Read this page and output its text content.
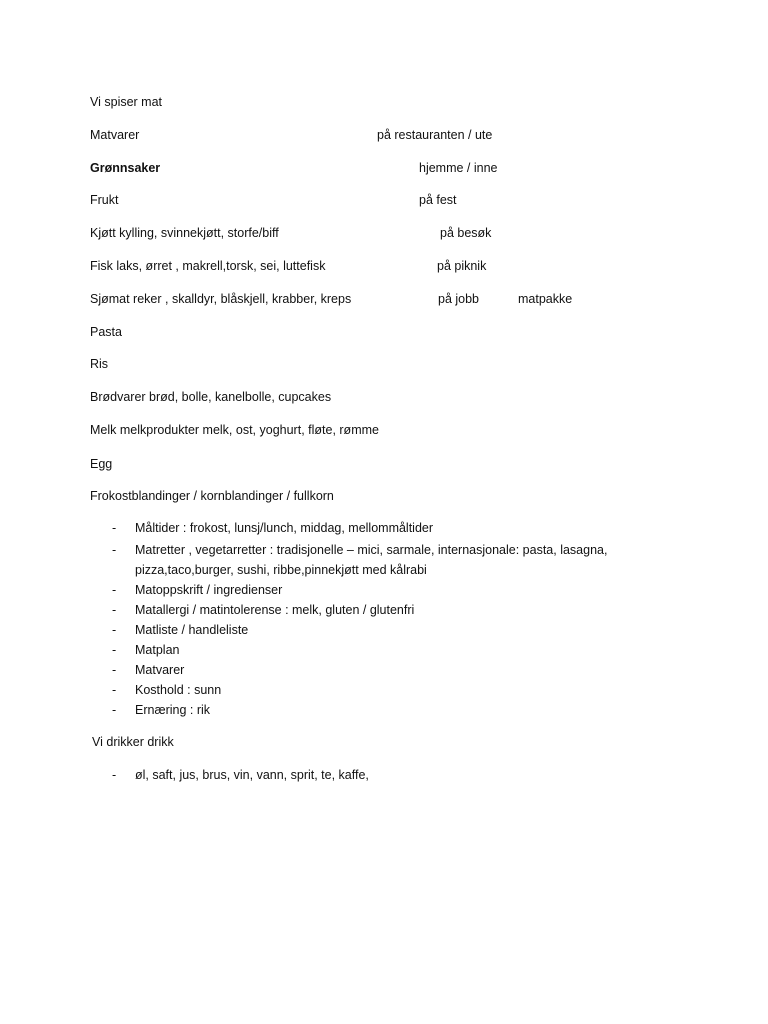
Vi spiser mat
Matvarer	på restauranten / ute
Grønnsaker	hjemme / inne
Frukt	på fest
Kjøtt kylling, svinnekjøtt, storfe/biff	på besøk
Fisk laks, ørret , makrell,torsk, sei, luttefisk	på piknik
Sjømat reker , skalldyr, blåskjell, krabber, kreps	på jobb	matpakke
Pasta
Ris
Brødvarer brød, bolle, kanelbolle, cupcakes
Melk melkprodukter melk, ost, yoghurt, fløte, rømme
Egg
Frokostblandinger / kornblandinger / fullkorn
- Måltider : frokost, lunsj/lunch, middag, mellommåltider
- Matretter , vegetarretter : tradisjonelle – mici, sarmale, internasjonale: pasta, lasagna,
pizza,taco,burger, sushi, ribbe,pinnekjøtt med kålrabi
- Matoppskrift / ingredienser
- Matallergi / matintolerense : melk, gluten / glutenfri
- Matliste / handleliste
- Matplan
- Matvarer
- Kosthold : sunn
- Ernæring : rik
Vi drikker drikk
- øl, saft, jus, brus, vin, vann, sprit, te, kaffe,
